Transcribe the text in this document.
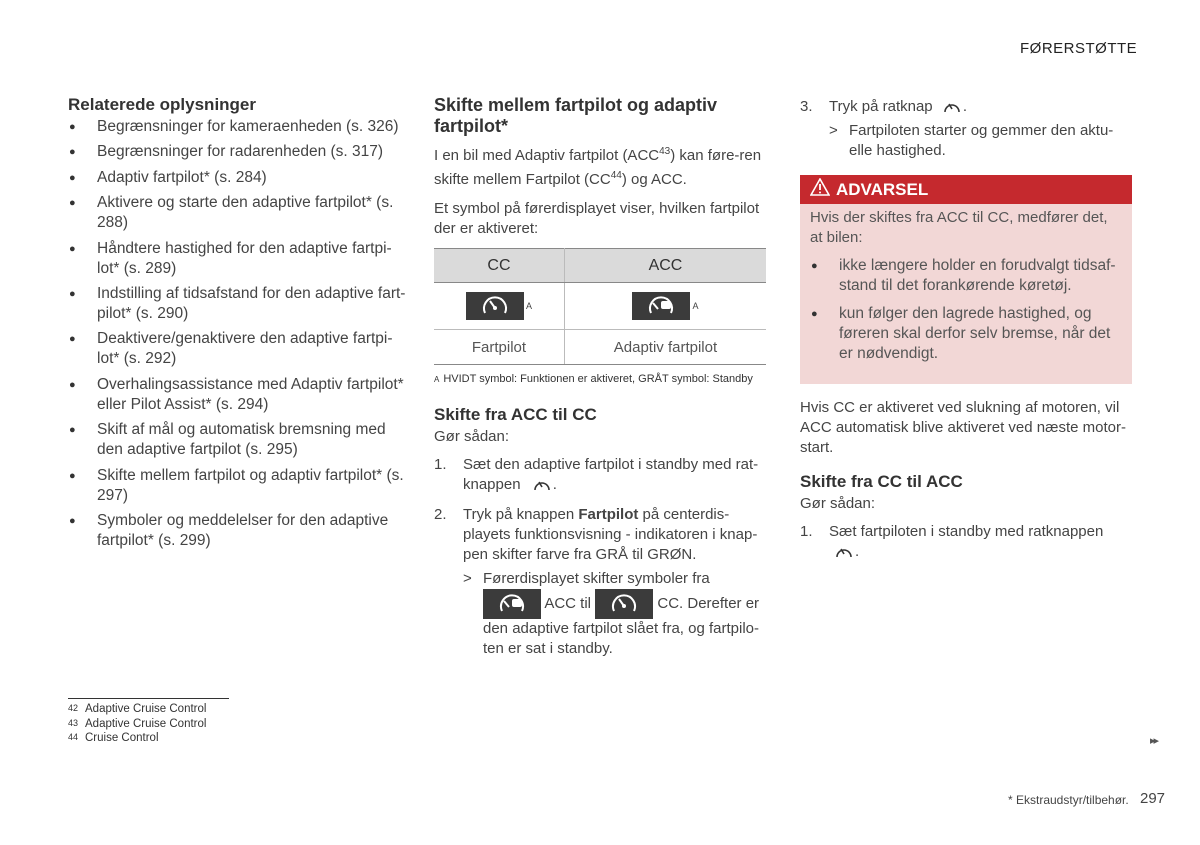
FØRERSTØTTE
Relaterede oplysninger
● Begrænsninger for kameraenheden (s. 326)
● Begrænsninger for radarenheden (s. 317)
● Adaptiv fartpilot* (s. 284)
● Aktivere og starte den adaptive fartpilot* (s. 288)
● Håndtere hastighed for den adaptive fartpi-lot* (s. 289)
● Indstilling af tidsafstand for den adaptive fart-pilot* (s. 290)
● Deaktivere/genaktivere den adaptive fartpi-lot* (s. 292)
● Overhalingsassistance med Adaptiv fartpilot* eller Pilot Assist* (s. 294)
● Skift af mål og automatisk bremsning med den adaptive fartpilot (s. 295)
● Skifte mellem fartpilot og adaptiv fartpilot* (s. 297)
● Symboler og meddelelser for den adaptive fartpilot* (s. 299)
Skifte mellem fartpilot og adaptiv fartpilot*

I en bil med Adaptiv fartpilot (ACC$^{43}$) kan føre-ren skifte mellem Fartpilot (CC$^{44}$) og ACC.

Et symbol på førerdisplayet viser, hvilken fartpilot der er aktiveret:

CC	ACC

A	A
Fartpilot	Adaptiv fartpilot
A HVIDT symbol: Funktionen er aktiveret, GRÅT symbol: Standby
Skifte fra ACC til CC

Gør sådan:

1. Sæt den adaptive fartpilot i standby med rat-knappen .
2. Tryk på knappen Fartpilot på centerdis-playets funktionsvisning - indikatoren i knap-pen skifter farve fra GRÅ til GRØN.
> Førerdisplayet skifter symboler fra

ACC til	CC. Derefter er den adaptive fartpilot slået fra, og fartpilo-ten er sat i standby.
3. Tryk på ratknap .
> Fartpiloten starter og gemmer den aktu-elle hastighed.
ADVARSEL

Hvis der skiftes fra ACC til CC, medfører det, at bilen:

● ikke længere holder en forudvalgt tidsaf-stand til det forankørende køretøj.
● kun følger den lagrede hastighed, og føreren skal derfor selv bremse, når det er nødvendigt.

Hvis CC er aktiveret ved slukning af motoren, vil ACC automatisk blive aktiveret ved næste motor-start.

Skifte fra CC til ACC

Gør sådan:

1. Sæt fartpiloten i standby med ratknappen
.
42 Adaptive Cruise Control
43 Adaptive Cruise Control
44 Cruise Control	▸▸
* Ekstraudstyr/tilbehør. 297
